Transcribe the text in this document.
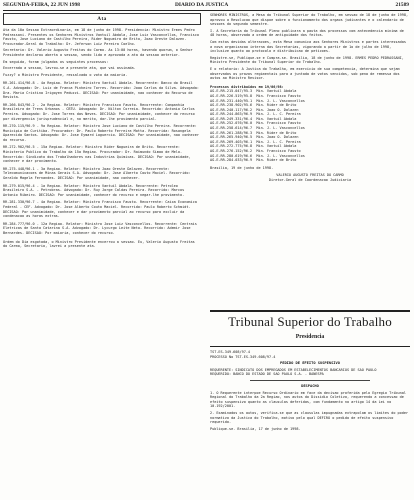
SEGUNDA-FEIRA, 22 JUN 1998	DIARIO DA JUSTICA	21589
Ata

Ata da 10a Sessao Extraordinaria, em 18 de junho de 1998. Presidencia: Ministro Ermes Pedro Pedrassani. Presentes os Senhores Ministros Vantuil Abdala, Jose Luiz Vasconcellos, Francisco Fausto, Jose Luciano de Castilho Pereira, Rider Nogueira de Brito, Joao Oreste Dalazen. Procurador-Geral do Trabalho: Dr. Jeferson Luiz Pereira Coelho.

Secretario: Dr. Valerio Augusto Freitas do Carmo. As 13:00 horas, havendo quorum, o Senhor Presidente declarou aberta a sessao, sendo lida e aprovada a ata da sessao anterior.

Em seguida, foram julgados os seguintes processos:

Encerrada a sessao, lavrou-se a presente ata, que vai assinada.

Fuzzy? o Ministro Presidente, ressalvado o voto da maioria.

RR-261.414/96.8 - 4a Regiao. Relator: Ministro Vantuil Abdala. Recorrente: Banco do Brasil S.A. Advogado: Dr. Luiz de Franca Pinheiro Torres. Recorrido: Joao Carlos da Silva. Advogada: Dra. Maria Cristina Irigoyen Peduzzi. DECISAO: Por unanimidade, nao conhecer do Recurso de Revista.

RR-266.843/96.2 - 2a Regiao. Relator: Ministro Francisco Fausto. Recorrente: Companhia Brasileira de Trens Urbanos - CBTU. Advogado: Dr. Nilton Correia. Recorrido: Antonio Carlos Pereira. Advogado: Dr. Jose Torres das Neves. DECISAO: Por unanimidade, conhecer do recurso por divergencia jurisprudencial e, no merito, dar-lhe provimento parcial.

RR-270.115/96.9 - 9a Regiao. Relator: Ministro Jose Luciano de Castilho Pereira. Recorrente: Municipio de Curitiba. Procurador: Dr. Paulo Roberto Ferreira Motta. Recorrida: Rosangela Aparecida Santos. Advogado: Dr. Jose Eymard Loguercio. DECISAO: Por unanimidade, nao conhecer do recurso.

RR-272.902/96.5 - 15a Regiao. Relator: Ministro Rider Nogueira de Brito. Recorrente: Ministerio Publico do Trabalho da 15a Regiao. Procurador: Dr. Raimundo Simao de Melo. Recorrido: Sindicato dos Trabalhadores nas Industrias Quimicas. DECISAO: Por unanimidade, conhecer e dar provimento.

RR-275.448/96.1 - 3a Regiao. Relator: Ministro Joao Oreste Dalazen. Recorrente: Telecomunicacoes de Minas Gerais S.A. Advogado: Dr. Jose Alberto Couto Maciel. Recorrido: Geraldo Magela Fernandes. DECISAO: Por unanimidade, nao conhecer.

RR-279.015/96.4 - 1a Regiao. Relator: Ministro Vantuil Abdala. Recorrente: Petroleo Brasileiro S.A. - Petrobras. Advogado: Dr. Ruy Jorge Caldas Pereira. Recorrido: Marcos Antonio Ribeiro. DECISAO: Por unanimidade, conhecer do recurso e negar-lhe provimento.

RR-281.330/96.7 - 4a Regiao. Relator: Ministro Francisco Fausto. Recorrente: Caixa Economica Federal - CEF. Advogado: Dr. Jose Alberto Couto Maciel. Recorrido: Paulo Roberto Schmidt. DECISAO: Por unanimidade, conhecer e dar provimento parcial ao recurso para excluir da condenacao as horas extras.

RR-284.777/96.0 - 12a Regiao. Relator: Ministro Jose Luiz Vasconcellos. Recorrente: Centrais Eletricas de Santa Catarina S.A. Advogado: Dr. Lycurgo Leite Neto. Recorrido: Ademir Jose Bernardes. DECISAO: Por maioria, conhecer do recurso.

Ordem do Dia esgotada, o Ministro Presidente encerrou a sessao. Eu, Valerio Augusto Freitas do Carmo, Secretario, lavrei a presente ata.

SENHORES MINISTROS, a Mesa do Tribunal Superior do Trabalho, em sessao de 18 de junho de 1998, aprovou a Resolucao que dispoe sobre o funcionamento dos orgaos judicantes e o calendario de sessoes do segundo semestre.

I. A Secretaria do Tribunal Pleno publicara a pauta dos processos com antecedencia minima de 48 horas, observada a ordem de antiguidade dos feitos.

Com estas devidas alteracoes, esta Mesa comunica aos Senhores Ministros e partes interessadas a nova organizacao interna das Secretarias, vigorando a partir de 1o de julho de 1998, inclusive quanto ao protocolo e distribuicao de peticoes.

Registre-se, Publique-se e Cumpra-se. Brasilia, 18 de junho de 1998. ERMES PEDRO PEDRASSANI, Ministro Presidente do Tribunal Superior do Trabalho.

E o relatorio: A Justica do Trabalho, em exercicio de sua competencia, determina que sejam observados os prazos regimentais para a juntada de votos vencidos, sob pena de remessa dos autos ao Ministro Revisor.

Processos distribuidos em 19/06/98:

AG-E-RR-215.047/95.3  Min. Vantuil Abdala

AG-E-RR-226.519/95.8  Min. Francisco Fausto

AG-E-RR-231.440/95.1  Min. J. L. Vasconcellos

AG-E-RR-238.902/95.6  Min. Rider de Brito

AG-E-RR-240.117/96.2  Min. Joao O. Dalazen

AG-E-RR-244.863/96.9  Min. J. L. C. Pereira

AG-E-RR-249.331/96.4  Min. Vantuil Abdala

AG-E-RR-252.076/96.0  Min. Francisco Fausto

AG-E-RR-258.614/96.7  Min. J. L. Vasconcellos

AG-E-RR-261.288/96.3  Min. Rider de Brito

AG-E-RR-265.940/96.5  Min. Joao O. Dalazen

AG-E-RR-269.403/96.1  Min. J. L. C. Pereira

AG-E-RR-272.775/96.8  Min. Vantuil Abdala

AG-E-RR-276.152/96.2  Min. Francisco Fausto

AG-E-RR-280.619/96.6  Min. J. L. Vasconcellos

AG-E-RR-284.033/96.9  Min. Rider de Brito

Brasilia, 19 de junho de 1998.

VALERIO AUGUSTO FREITAS DO CARMO
Diretor-Geral de Coordenacao Judiciaria

Tribunal Superior do Trabalho
Presidencia

TST-ES-349.608/97.4
PROCESSO No TST-ES-349.608/97.4

PEDIDO DE EFEITO SUSPENSIVO

REQUERENTE: SINDICATO DOS EMPREGADOS EM ESTABELECIMENTOS BANCARIOS DE SAO PAULO
REQUERIDO: BANCO DO ESTADO DE SAO PAULO S.A. - BANESPA

DESPACHO

1. O Requerente interpoe Recurso Ordinario em face da decisao proferida pelo Egregio Tribunal Regional do Trabalho da 2a Regiao, nos autos do Dissidio Coletivo, requerendo a concessao de efeito suspensivo quanto as clausulas deferidas, com fundamento no artigo 14 da Lei no 10.192/2001.

2. Examinados os autos, verifica-se que as clausulas impugnadas extrapolam os limites do poder normativo da Justica do Trabalho, motivo pelo qual DEFIRO o pedido de efeito suspensivo requerido.

Publique-se. Brasilia, 17 de junho de 1998.
